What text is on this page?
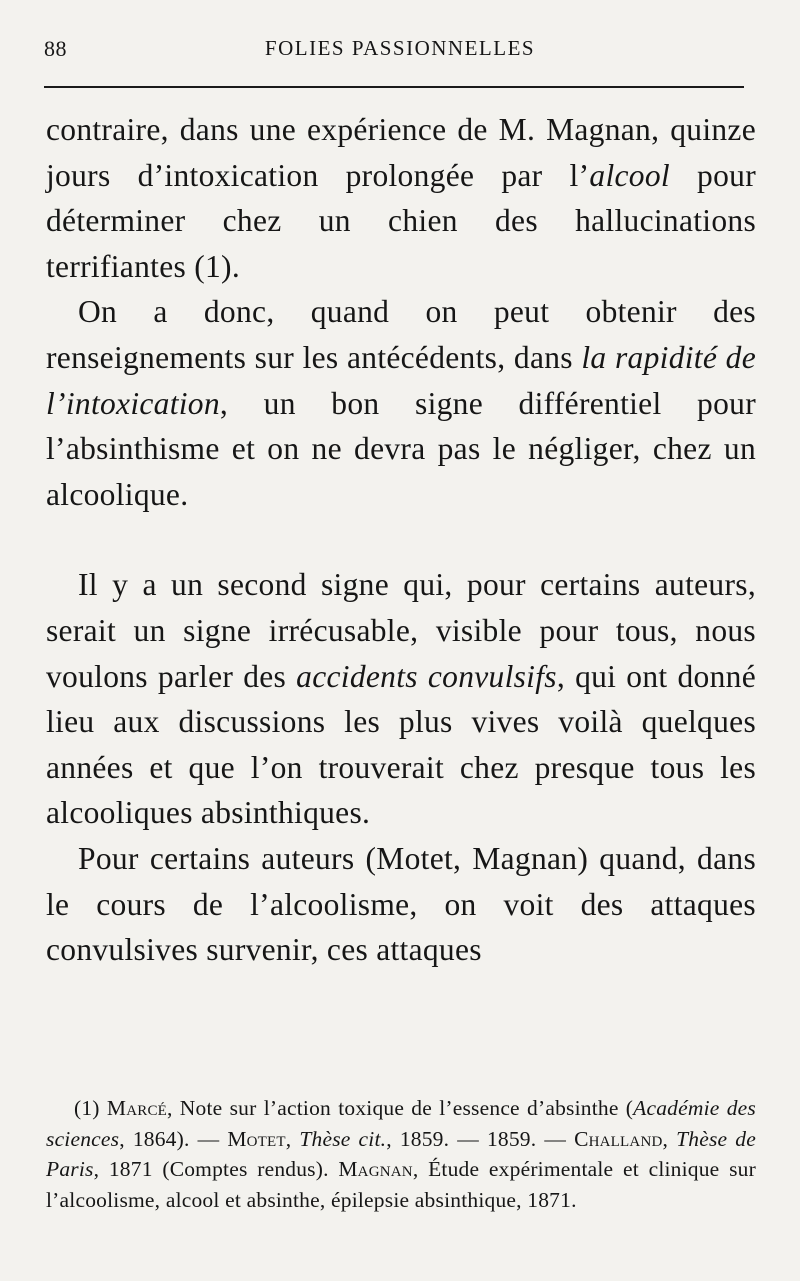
88	FOLIES PASSIONNELLES

contraire, dans une expérience de M. Magnan, quinze jours d’intoxication prolongée par l’alcool pour déterminer chez un chien des hallucinations terrifiantes (1).

On a donc, quand on peut obtenir des renseignements sur les antécédents, dans la rapidité de l’intoxication, un bon signe différentiel pour l’absinthisme et on ne devra pas le négliger, chez un alcoolique.

Il y a un second signe qui, pour certains auteurs, serait un signe irrécusable, visible pour tous, nous voulons parler des accidents convulsifs, qui ont donné lieu aux discussions les plus vives voilà quelques années et que l’on trouverait chez presque tous les alcooliques absinthiques.

Pour certains auteurs (Motet, Magnan) quand, dans le cours de l’alcoolisme, on voit des attaques convulsives survenir, ces attaques

(1) Marcé, Note sur l’action toxique de l’essence d’absinthe (Académie des sciences, 1864). — Motet, Thèse cit., 1859. — 1859. — Challand, Thèse de Paris, 1871 (Comptes rendus). Magnan, Étude expérimentale et clinique sur l’alcoolisme, alcool et absinthe, épilepsie absinthique, 1871.
